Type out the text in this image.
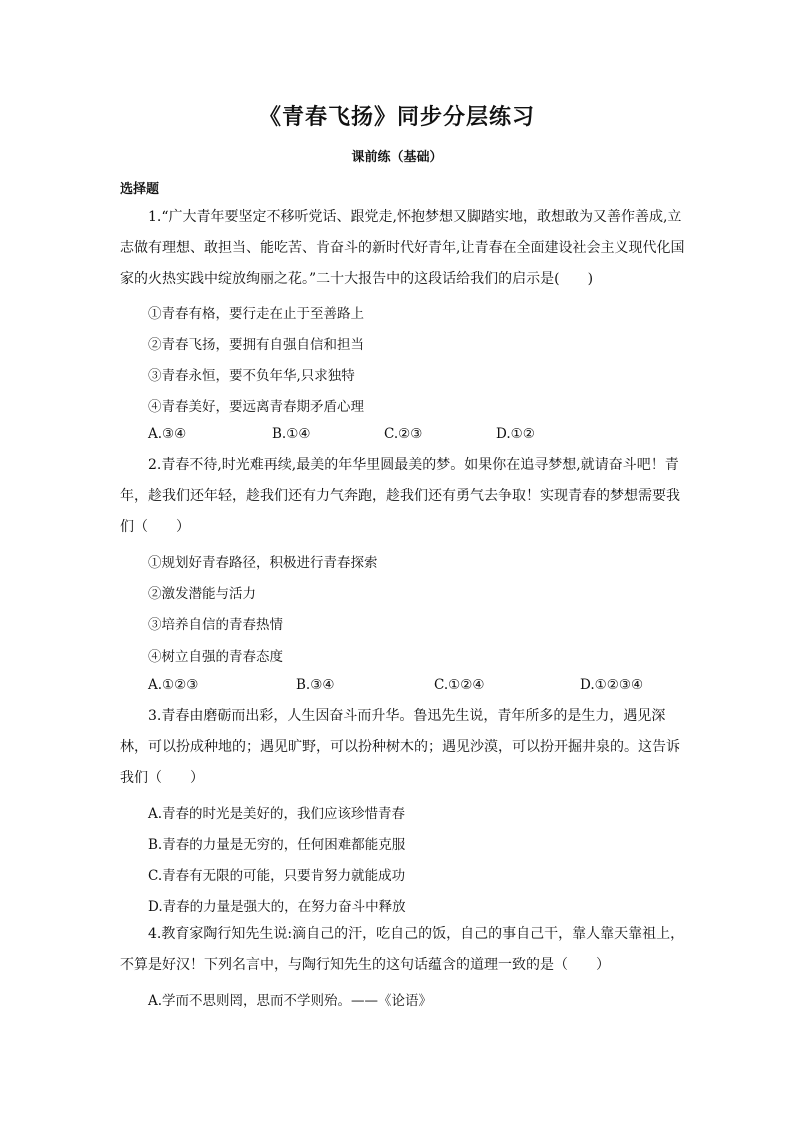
《青春飞扬》同步分层练习
课前练（基础）
选择题

1.“广大青年要坚定不移听党话、跟党走,怀抱梦想又脚踏实地，敢想敢为又善作善成,立志做有理想、敢担当、能吃苦、肯奋斗的新时代好青年,让青春在全面建设社会主义现代化国家的火热实践中绽放绚丽之花。”二十大报告中的这段话给我们的启示是(　　)

①青春有格，要行走在止于至善路上
②青春飞扬，要拥有自强自信和担当
③青春永恒，要不负年华,只求独特
④青春美好，要远离青春期矛盾心理
A.③④	B.①④	C.②③	D.①②

2.青春不待,时光难再续,最美的年华里圆最美的梦。如果你在追寻梦想,就请奋斗吧！青年，趁我们还年轻，趁我们还有力气奔跑，趁我们还有勇气去争取！实现青春的梦想需要我们（　　）

①规划好青春路径，积极进行青春探索
②激发潜能与活力
③培养自信的青春热情
④树立自强的青春态度
A.①②③	B.③④	C.①②④	D.①②③④

3.青春由磨砺而出彩，人生因奋斗而升华。鲁迅先生说，青年所多的是生力，遇见深林，可以扮成种地的；遇见旷野，可以扮种树木的；遇见沙漠，可以扮开掘井泉的。这告诉我们（　　）

A.青春的时光是美好的，我们应该珍惜青春
B.青春的力量是无穷的，任何困难都能克服
C.青春有无限的可能，只要肯努力就能成功
D.青春的力量是强大的，在努力奋斗中释放

4.教育家陶行知先生说:滴自己的汗，吃自己的饭，自己的事自己干，靠人靠天靠祖上，不算是好汉！下列名言中，与陶行知先生的这句话蕴含的道理一致的是（　　）

A.学而不思则罔，思而不学则殆。——《论语》
